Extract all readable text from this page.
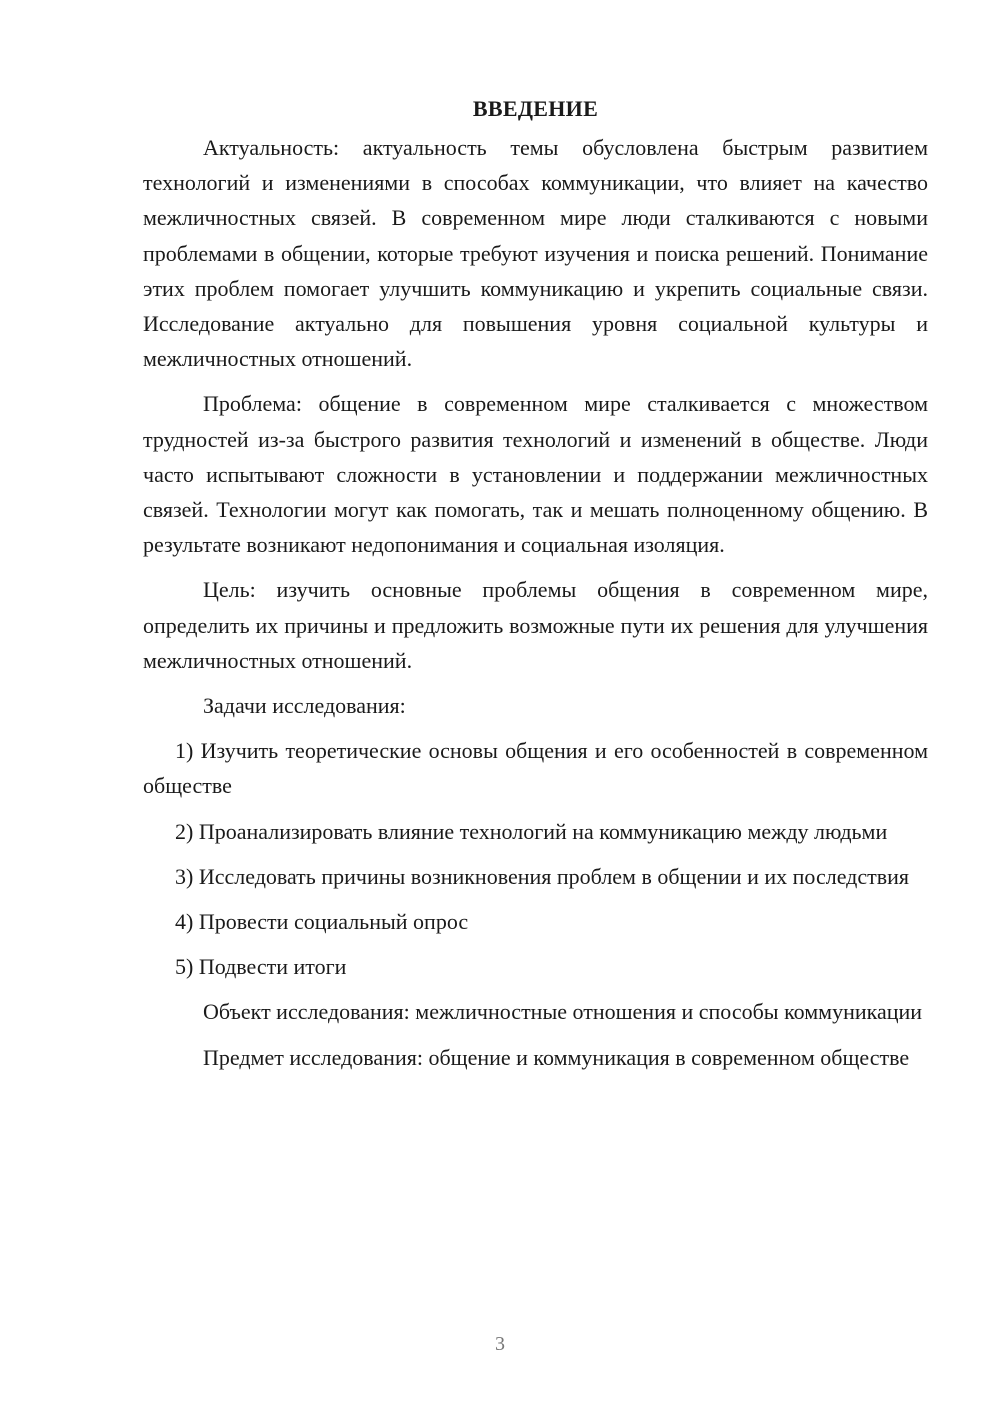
ВВЕДЕНИЕ

Актуальность: актуальность темы обусловлена быстрым развитием технологий и изменениями в способах коммуникации, что влияет на качество межличностных связей. В современном мире люди сталкиваются с новыми проблемами в общении, которые требуют изучения и поиска решений. Понимание этих проблем помогает улучшить коммуникацию и укрепить социальные связи. Исследование актуально для повышения уровня социальной культуры и межличностных отношений.

Проблема: общение в современном мире сталкивается с множеством трудностей из-за быстрого развития технологий и изменений в обществе. Люди часто испытывают сложности в установлении и поддержании межличностных связей. Технологии могут как помогать, так и мешать полноценному общению. В результате возникают недопонимания и социальная изоляция.

Цель: изучить основные проблемы общения в современном мире, определить их причины и предложить возможные пути их решения для улучшения межличностных отношений.

Задачи исследования:

1) Изучить теоретические основы общения и его особенностей в современном обществе

2) Проанализировать влияние технологий на коммуникацию между людьми

3) Исследовать причины возникновения проблем в общении и их последствия

4) Провести социальный опрос

5) Подвести итоги

Объект исследования: межличностные отношения и способы коммуникации

Предмет исследования: общение и коммуникация в современном обществе

3
